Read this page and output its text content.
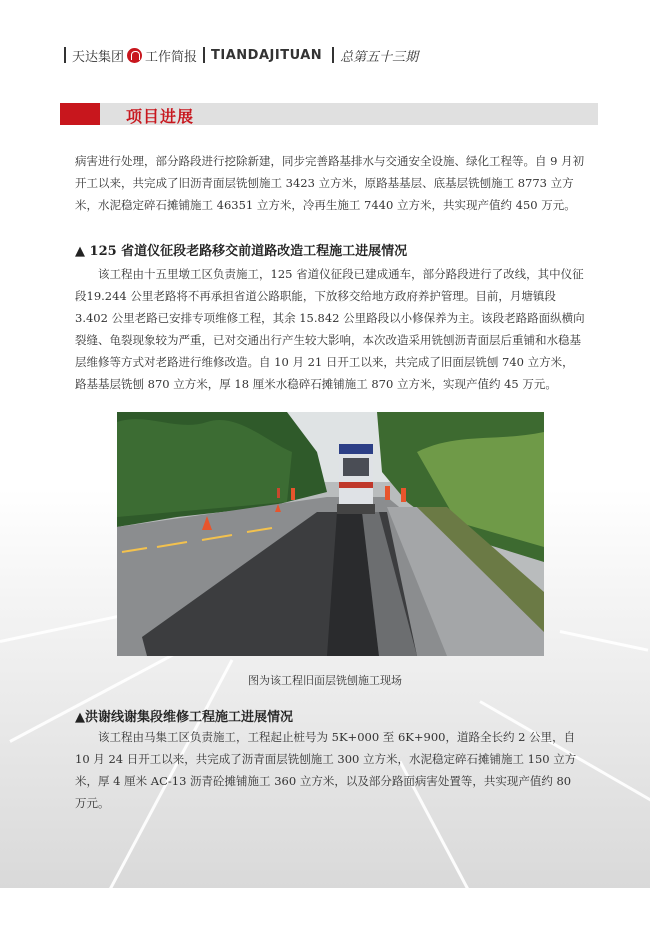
天达集团 工作简报 TIANDAJITUAN 总第五十三期
项目进展

病害进行处理，部分路段进行挖除新建，同步完善路基排水与交通安全设施、绿化工程等。自 9 月初开工以来，共完成了旧沥青面层铣刨施工 3423 立方米，原路基基层、底基层铣刨施工 8773 立方米，水泥稳定碎石摊铺施工 46351 立方米，冷再生施工 7440 立方米，共实现产值约 450 万元。

▲ 125 省道仪征段老路移交前道路改造工程施工进展情况

该工程由十五里墩工区负责施工，125 省道仪征段已建成通车，部分路段进行了改线，其中仪征段19.244 公里老路将不再承担省道公路职能，下放移交给地方政府养护管理。目前，月塘镇段 3.402 公里老路已安排专项维修工程，其余 15.842 公里路段以小修保养为主。该段老路路面纵横向裂缝、龟裂现象较为严重，已对交通出行产生较大影响，本次改造采用铣刨沥青面层后重铺和水稳基层维修等方式对老路进行维修改造。自 10 月 21 日开工以来，共完成了旧面层铣刨 740 立方米，路基基层铣刨 870 立方米，厚 18 厘米水稳碎石摊铺施工 870 立方米，实现产值约 45 万元。

图为该工程旧面层铣刨施工现场
▲洪谢线谢集段维修工程施工进展情况

该工程由马集工区负责施工，工程起止桩号为 5K+000 至 6K+900，道路全长约 2 公里，自 10 月 24 日开工以来，共完成了沥青面层铣刨施工 300 立方米，水泥稳定碎石摊铺施工 150 立方米，厚 4 厘米 AC-13 沥青砼摊铺施工 360 立方米，以及部分路面病害处置等，共实现产值约 80 万元。
